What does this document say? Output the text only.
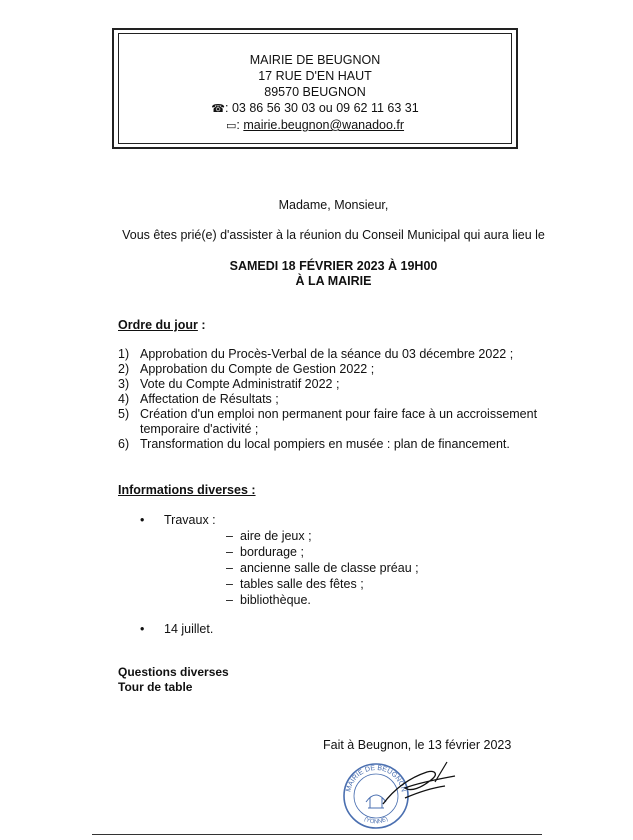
MAIRIE DE BEUGNON
17 RUE D'EN HAUT
89570 BEUGNON
☎: 03 86 56 30 03 ou 09 62 11 63 31
▭: mairie.beugnon@wanadoo.fr
Madame, Monsieur,
Vous êtes prié(e) d'assister à la réunion du Conseil Municipal qui aura lieu le
SAMEDI 18 FÉVRIER 2023 À 19H00
À LA MAIRIE
Ordre du jour :
1) Approbation du Procès-Verbal de la séance du 03 décembre 2022 ;
2) Approbation du Compte de Gestion 2022 ;
3) Vote du Compte Administratif 2022 ;
4) Affectation de Résultats ;
5) Création d'un emploi non permanent pour faire face à un accroissement temporaire d'activité ;
6) Transformation du local pompiers en musée : plan de financement.
Informations diverses :
• Travaux :
– aire de jeux ;
– bordurage ;
– ancienne salle de classe préau ;
– tables salle des fêtes ;
– bibliothèque.
• 14 juillet.
Questions diverses
Tour de table
Fait à Beugnon, le 13 février 2023
MAIRIE DE BEUGNON
(YONNE)
